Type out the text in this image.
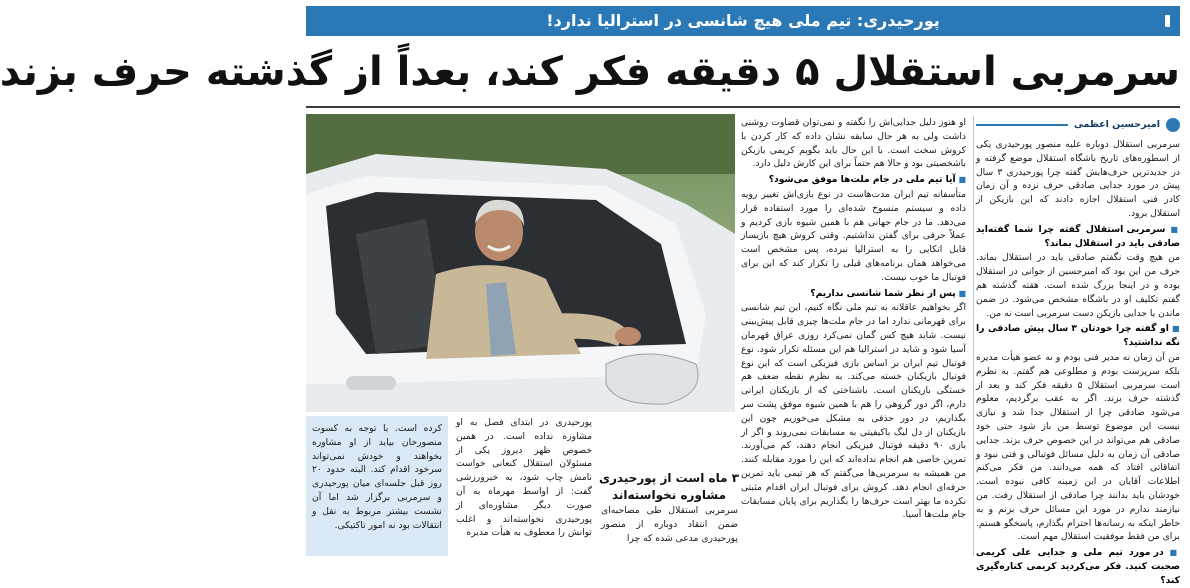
پورحیدری: تیم ملی هیچ شانسی در استرالیا ندارد!
سرمربی استقلال ۵ دقیقه فکر کند، بعداً از گذشته حرف بزند
امیرحسین اعظمی

سرمربی استقلال دوباره علیه منصور پورحیدری یکی از اسطوره‌های تاریخ باشگاه استقلال موضع گرفته و در جدیدترین حرف‌هایش گفته چرا پورحیدری ۳ سال پیش در مورد جدایی صادقی حرف نزده و آن زمان کادر فنی استقلال اجازه دادند که این بازیکن از استقلال برود.

■ سرمربی استقلال گفته چرا شما گفته‌اید صادقی باید در استقلال بماند؟

من هیچ وقت نگفتم صادقی باید در استقلال بماند. حرف من این بود که امیرحسین از جوانی در استقلال بوده و در اینجا بزرگ شده است. هفته گذشته هم گفتم تکلیف او در باشگاه مشخص می‌شود. در ضمن ماندن یا جدایی بازیکن دست سرمربی است نه من.

■ او گفته چرا خودتان ۳ سال پیش صادقی را نگه نداشتید؟

من آن زمان نه مدیر فنی بودم و نه عضو هیأت مدیره بلکه سرپرست بودم و مطلوعی هم گفتم. به نظرم است سرمربی استقلال ۵ دقیقه فکر کند و بعد از گذشته حرف بزند. اگر به عقب برگردیم، معلوم می‌شود صادقی چرا از استقلال جدا شد و نیازی نیست این موضوع توسط من باز شود حتی خود صادقی هم می‌تواند در این خصوص حرف بزند. جدایی صادقی آن زمان به دلیل مسائل فوتبالی و فنی نبود و اتفاقاتی افتاد که همه می‌دانند. من فکر می‌کنم اطلاعات آقایان در این زمینه کافی نبوده است. خودشان باید بدانند چرا صادقی از استقلال رفت. من نیازمند ندارم در مورد این مسائل حرف بزنم و به خاطر اینکه به رسانه‌ها احترام بگذارم، پاسخگو هستم. برای من فقط موفقیت استقلال مهم است.

■ در مورد تیم ملی و جدایی علی کریمی صحبت کنید. فکر می‌کردید کریمی کناره‌گیری کند؟

او هنوز دلیل جدایی‌اش را نگفته و نمی‌توان قضاوت روشنی داشت ولی به هر حال سابقه نشان داده که کار کردن با کروش سخت است. با این حال باید بگویم کریمی بازیکن باشخصیتی بود و حالا هم حتماً برای این کارش دلیل دارد.

■ آیا تیم ملی در جام ملت‌ها موفق می‌شود؟

متأسفانه تیم ایران مدت‌هاست در نوع بازی‌اش تغییر رویه داده و سیستم منسوخ شده‌ای را مورد استفاده قرار می‌دهد. ما در جام جهانی هم با همین شیوه بازی کردیم و عملاً حرفی برای گفتن نداشتیم. وقتی کروش هیچ بازیساز قابل اتکایی را به استرالیا نبرده، پس مشخص است می‌خواهد همان برنامه‌های قبلی را تکرار کند که این برای فوتبال ما خوب نیست.

■ پس از نظر شما شانسی نداریم؟

اگر بخواهیم عاقلانه به تیم ملی نگاه کنیم، این تیم شانسی برای قهرمانی ندارد اما در جام ملت‌ها چیزی قابل پیش‌بینی نیست. شاید هیچ کس گمان نمی‌کرد روزی عراق قهرمان آسیا شود و شاید در استرالیا هم این مسئله تکرار شود. نوع فوتبال تیم ایران بر اساس بازی فیزیکی است که این نوع فوتبال بازیکنان خسته می‌کند. به نظرم نقطه ضعف هم خستگی بازیکنان است. باشناختی که از بازیکنان ایرانی دارم، اگر دور گروهی را هم با همین شیوه موفق پشت سر بگذاریم، در دور حذفی به مشکل می‌خوریم چون این بازیکنان از دل لیگ باکیفیتی به مسابقات نمی‌روند و اگر از بازی ۹۰ دقیقه فوتبال فیزیکی انجام دهند، کم می‌آورند. تمرین خاصی هم انجام نداده‌اند که این را مورد مقابله کنند. من همیشه به سرمربی‌ها می‌گفتم که هر تیمی باید تمرین حرفه‌ای انجام دهد. کروش برای فوتبال ایران اقدام مثبتی نکرده ما بهتر است حرف‌ها را بگذاریم برای پایان مسابقات جام ملت‌ها آسیا.

۳ ماه است از پورحیدری مشاوره نخواسته‌اند
سرمربی استقلال طی مصاحبه‌ای ضمن انتقاد دوباره از منصور پورحیدری مدعی شده که چرا
پورحیدری در ابتدای فصل به او مشاوره نداده است. در همین خصوص ظهر دیروز یکی از مسئولان استقلال کنعانی خواست نامش چاپ شود، به خبرورزشی گفت: از اواسط مهرماه به آن صورت دیگر مشاوره‌ای از پورحیدری نخواسته‌اند و اغلب توانش را معطوف به هیأت مدیره
کرده است. با توجه به کسوت منصورخان بیاید از او مشاوره بخواهند و خودش نمی‌تواند سرخود اقدام کند. البته حدود ۲۰ روز قبل جلسه‌ای میان پورحیدری و سرمربی برگزار شد اما آن نشست بیشتر مربوط به نقل و انتقالات بود نه امور تاکتیکی.
